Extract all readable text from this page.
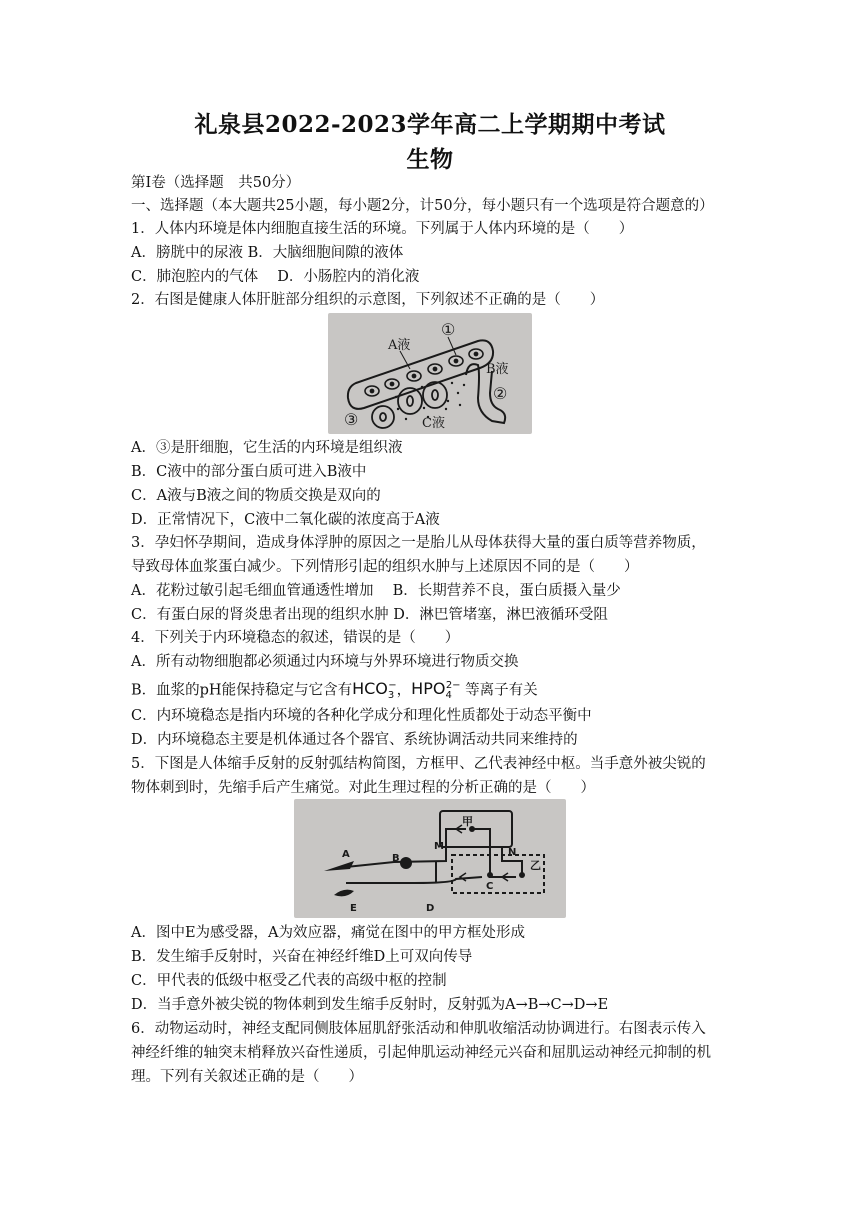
礼泉县2022-2023学年高二上学期期中考试
生物
第I卷（选择题　共50分）
一、选择题（本大题共25小题，每小题2分，计50分，每小题只有一个选项是符合题意的）
1．人体内环境是体内细胞直接生活的环境。下列属于人体内环境的是（　　）
A．膀胱中的尿液 B．大脑细胞间隙的液体
C．肺泡腔内的气体　 D．小肠腔内的消化液
2．右图是健康人体肝脏部分组织的示意图，下列叙述不正确的是（　　）
A液
B液
C液
①
②
③
A．③是肝细胞，它生活的内环境是组织液
B．C液中的部分蛋白质可进入B液中
C．A液与B液之间的物质交换是双向的
D．正常情况下，C液中二氧化碳的浓度高于A液
3．孕妇怀孕期间，造成身体浮肿的原因之一是胎儿从母体获得大量的蛋白质等营养物质，
导致母体血浆蛋白减少。下列情形引起的组织水肿与上述原因不同的是（　　）
A．花粉过敏引起毛细血管通透性增加　 B．长期营养不良，蛋白质摄入量少
C．有蛋白尿的肾炎患者出现的组织水肿 D．淋巴管堵塞，淋巴液循环受阻
4．下列关于内环境稳态的叙述，错误的是（　　）
A．所有动物细胞都必须通过内环境与外界环境进行物质交换
B．血浆的pH能保持稳定与它含有$HCO_3^-$，$HPO_4^{2-}$ 等离子有关
C．内环境稳态是指内环境的各种化学成分和理化性质都处于动态平衡中
D．内环境稳态主要是机体通过各个器官、系统协调活动共同来维持的
5．下图是人体缩手反射的反射弧结构简图，方框甲、乙代表神经中枢。当手意外被尖锐的
物体刺到时，先缩手后产生痛觉。对此生理过程的分析正确的是（　　）
A	B
C
D
E
M
N
甲
乙
A．图中E为感受器，A为效应器，痛觉在图中的甲方框处形成
B．发生缩手反射时，兴奋在神经纤维D上可双向传导
C．甲代表的低级中枢受乙代表的高级中枢的控制
D．当手意外被尖锐的物体刺到发生缩手反射时，反射弧为A→B→C→D→E
6．动物运动时，神经支配同侧肢体屈肌舒张活动和伸肌收缩活动协调进行。右图表示传入
神经纤维的轴突末梢释放兴奋性递质，引起伸肌运动神经元兴奋和屈肌运动神经元抑制的机
理。下列有关叙述正确的是（　　）
